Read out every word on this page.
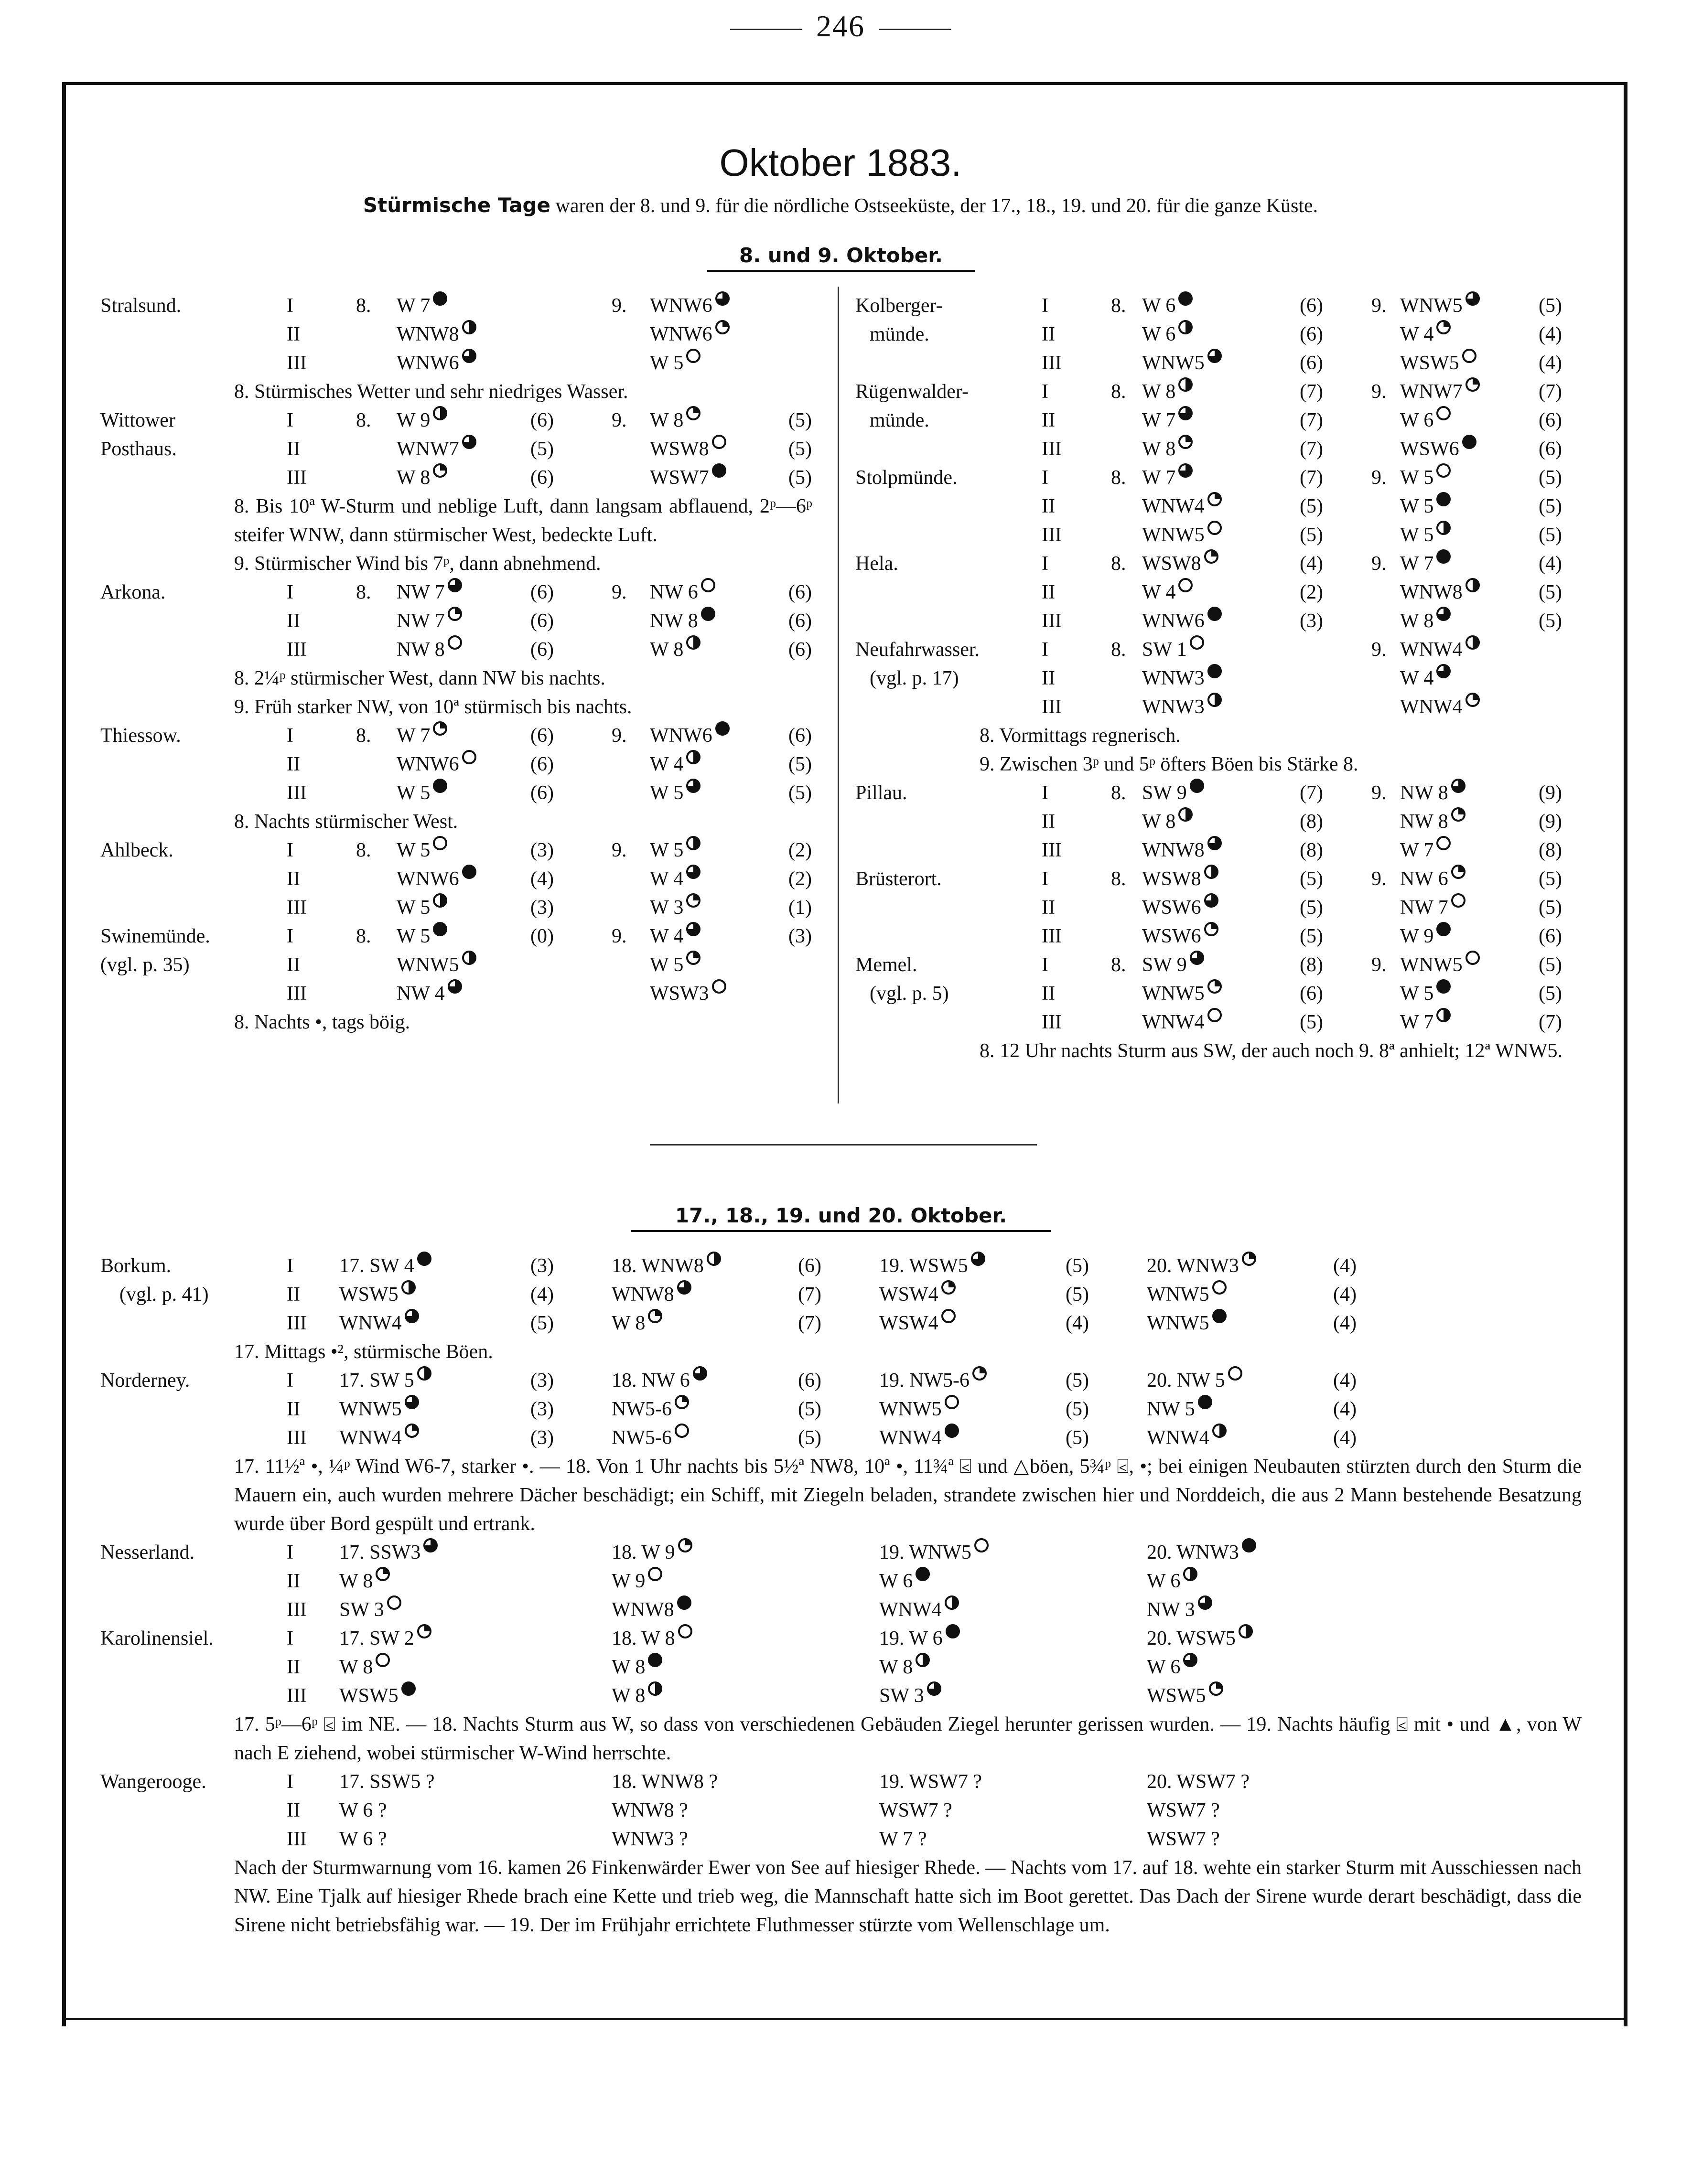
246
Oktober 1883.
Stürmische Tage waren der 8. und 9. für die nördliche Ostseeküste, der 17., 18., 19. und 20. für die ganze Küste.
8. und 9. Oktober.
Stralsund.	I	8. W 7	9. WNW6
II	WNW8	WNW6
III	WNW6	W 5
8. Stürmisches Wetter und sehr niedriges Wasser.
Wittower	I	8. W 9	(6)	9. W 8	(5)
Posthaus.	II	WNW7	(5)	WSW8	(5)
III	W 8	(6)	WSW7	(5)
8. Bis 10ª W-Sturm und neblige Luft, dann langsam abflauend, 2ᵖ—6ᵖ steifer WNW, dann stürmischer West, bedeckte Luft.
9. Stürmischer Wind bis 7ᵖ, dann abnehmend.
Arkona.	I	8. NW 7	(6)	9. NW 6	(6)
II	NW 7	(6)	NW 8	(6)
III	NW 8	(6)	W 8	(6)
8. 2¼ᵖ stürmischer West, dann NW bis nachts.
9. Früh starker NW, von 10ª stürmisch bis nachts.
Thiessow.	I	8. W 7	(6)	9. WNW6	(6)
II	WNW6	(6)	W 4	(5)
III	W 5	(6)	W 5	(5)
8. Nachts stürmischer West.
Ahlbeck.	I	8. W 5	(3)	9. W 5	(2)
II	WNW6	(4)	W 4	(2)
III	W 5	(3)	W 3	(1)
Swinemünde.	I	8. W 5	(0)	9. W 4	(3)
(vgl. p. 35)	II	WNW5	W 5
III	NW 4	WSW3
8. Nachts •, tags böig.
Kolberger-	I	8. W 6	(6) 9. WNW5	(5)
münde.	II	W 6	(6)	W 4	(4)
III	WNW5	(6)	WSW5	(4)
Rügenwalder-	I	8. W 8	(7) 9. WNW7	(7)
münde.	II	W 7	(7)	W 6	(6)
III	W 8	(7)	WSW6	(6)
Stolpmünde.	I	8. W 7	(7) 9. W 5	(5)
II	WNW4	(5)	W 5	(5)
III	WNW5	(5)	W 5	(5)
Hela.	I	8. WSW8	(4) 9. W 7	(4)
II	W 4	(2)	WNW8	(5)
III	WNW6	(3)	W 8	(5)
Neufahrwasser.	I	8. SW 1	9. WNW4
(vgl. p. 17)	II	WNW3	W 4
III	WNW3	WNW4
8. Vormittags regnerisch.
9. Zwischen 3ᵖ und 5ᵖ öfters Böen bis Stärke 8.
Pillau.	I	8. SW 9	(7) 9. NW 8	(9)
II	W 8	(8)	NW 8	(9)
III	WNW8	(8)	W 7	(8)
Brüsterort.	I	8. WSW8	(5) 9. NW 6	(5)
II	WSW6	(5)	NW 7	(5)
III	WSW6	(5)	W 9	(6)
Memel.	I	8. SW 9	(8) 9. WNW5	(5)
(vgl. p. 5)	II	WNW5	(6)	W 5	(5)
III	WNW4	(5)	W 7	(7)
8. 12 Uhr nachts Sturm aus SW, der auch noch 9. 8ª anhielt; 12ª WNW5.
17., 18., 19. und 20. Oktober.
Borkum.	I 17. SW 4	(3)	18. WNW8	(6)	19. WSW5	(5)	20. WNW3	(4)
(vgl. p. 41)	II WSW5	(4)	WNW8	(7)	WSW4	(5)	WNW5	(4)
III WNW4	(5)	W 8	(7)	WSW4	(4)	WNW5	(4)
17. Mittags •², stürmische Böen.
Norderney.	I 17. SW 5	(3)	18. NW 6	(6)	19. NW5-6	(5)	20. NW 5	(4)
II WNW5	(3)	NW5-6	(5)	WNW5	(5)	NW 5	(4)
III WNW4	(3)	NW5-6	(5)	WNW4	(5)	WNW4	(4)
17. 11½ª •, ¼ᵖ Wind W6-7, starker •. — 18. Von 1 Uhr nachts bis 5½ª NW8, 10ª •, 11¾ª ⍃ und △böen, 5¾ᵖ ⍃, •; bei einigen Neubauten stürzten durch den Sturm die Mauern ein, auch wurden mehrere Dächer beschädigt; ein Schiff, mit Ziegeln beladen, strandete zwischen hier und Norddeich, die aus 2 Mann bestehende Besatzung wurde über Bord gespült und ertrank.
Nesserland.	I 17. SSW3	18. W 9	19. WNW5	20. WNW3
II W 8	W 9	W 6	W 6
III SW 3	WNW8	WNW4	NW 3
Karolinensiel.	I 17. SW 2	18. W 8	19. W 6	20. WSW5
II W 8	W 8	W 8	W 6
III WSW5	W 8	SW 3	WSW5
17. 5ᵖ—6ᵖ ⍃ im NE. — 18. Nachts Sturm aus W, so dass von verschiedenen Gebäuden Ziegel herunter gerissen wurden. — 19. Nachts häufig ⍃ mit • und ▲, von W nach E ziehend, wobei stürmischer W-Wind herrschte.
Wangerooge.	I 17. SSW5 ?	18. WNW8 ?	19. WSW7 ?	20. WSW7 ?
II W 6 ?	WNW8 ?	WSW7 ?	WSW7 ?
III W 6 ?	WNW3 ?	W 7 ?	WSW7 ?
Nach der Sturmwarnung vom 16. kamen 26 Finkenwärder Ewer von See auf hiesiger Rhede. — Nachts vom 17. auf 18. wehte ein starker Sturm mit Ausschiessen nach NW. Eine Tjalk auf hiesiger Rhede brach eine Kette und trieb weg, die Mannschaft hatte sich im Boot gerettet. Das Dach der Sirene wurde derart beschädigt, dass die Sirene nicht betriebsfähig war. — 19. Der im Frühjahr errichtete Fluthmesser stürzte vom Wellenschlage um.
